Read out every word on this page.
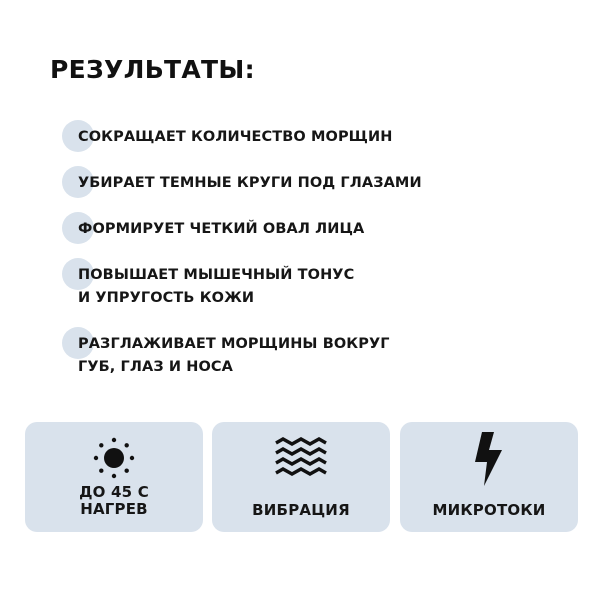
РЕЗУЛЬТАТЫ:
СОКРАЩАЕТ КОЛИЧЕСТВО МОРЩИН
УБИРАЕТ ТЕМНЫЕ КРУГИ ПОД ГЛАЗАМИ
ФОРМИРУЕТ ЧЕТКИЙ ОВАЛ ЛИЦА
ПОВЫШАЕТ МЫШЕЧНЫЙ ТОНУС
И УПРУГОСТЬ КОЖИ
РАЗГЛАЖИВАЕТ МОРЩИНЫ ВОКРУГ
ГУБ, ГЛАЗ И НОСА
ДО 45 С
НАГРЕВ	ВИБРАЦИЯ	МИКРОТОКИ
